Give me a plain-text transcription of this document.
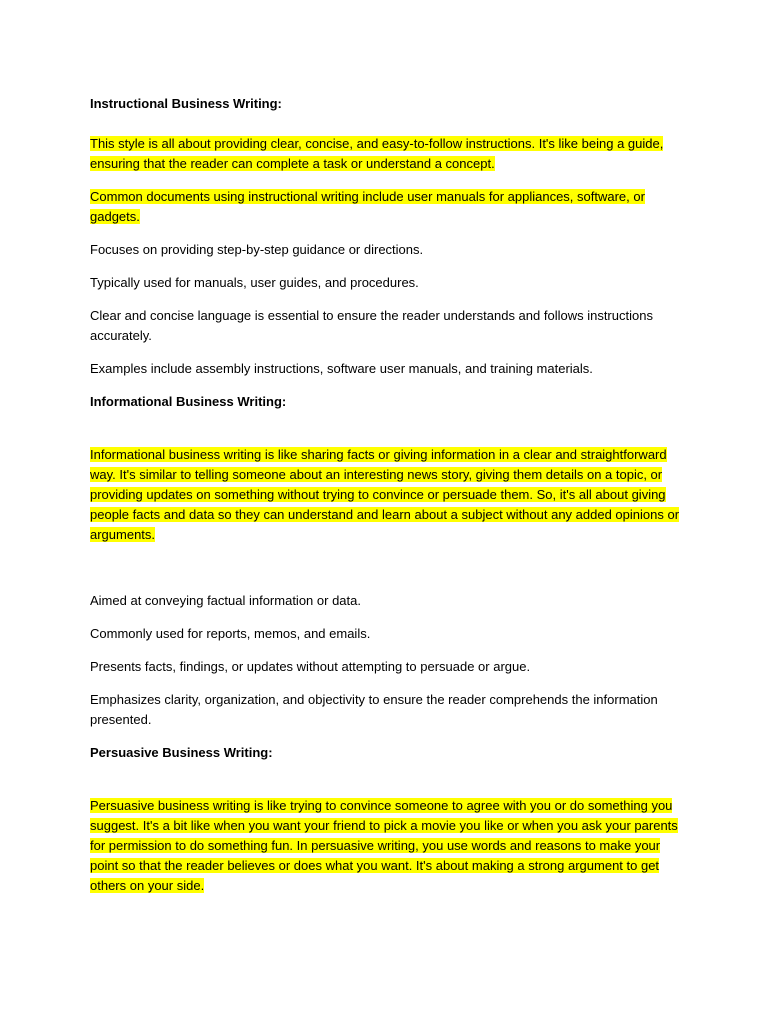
Instructional Business Writing:

This style is all about providing clear, concise, and easy-to-follow instructions. It's like being a guide, ensuring that the reader can complete a task or understand a concept.

Common documents using instructional writing include user manuals for appliances, software, or gadgets.

Focuses on providing step-by-step guidance or directions.

Typically used for manuals, user guides, and procedures.

Clear and concise language is essential to ensure the reader understands and follows instructions accurately.

Examples include assembly instructions, software user manuals, and training materials.

Informational Business Writing:

Informational business writing is like sharing facts or giving information in a clear and straightforward way. It's similar to telling someone about an interesting news story, giving them details on a topic, or providing updates on something without trying to convince or persuade them. So, it's all about giving people facts and data so they can understand and learn about a subject without any added opinions or arguments.

Aimed at conveying factual information or data.

Commonly used for reports, memos, and emails.

Presents facts, findings, or updates without attempting to persuade or argue.

Emphasizes clarity, organization, and objectivity to ensure the reader comprehends the information presented.

Persuasive Business Writing:

Persuasive business writing is like trying to convince someone to agree with you or do something you suggest. It's a bit like when you want your friend to pick a movie you like or when you ask your parents for permission to do something fun. In persuasive writing, you use words and reasons to make your point so that the reader believes or does what you want. It's about making a strong argument to get others on your side.
